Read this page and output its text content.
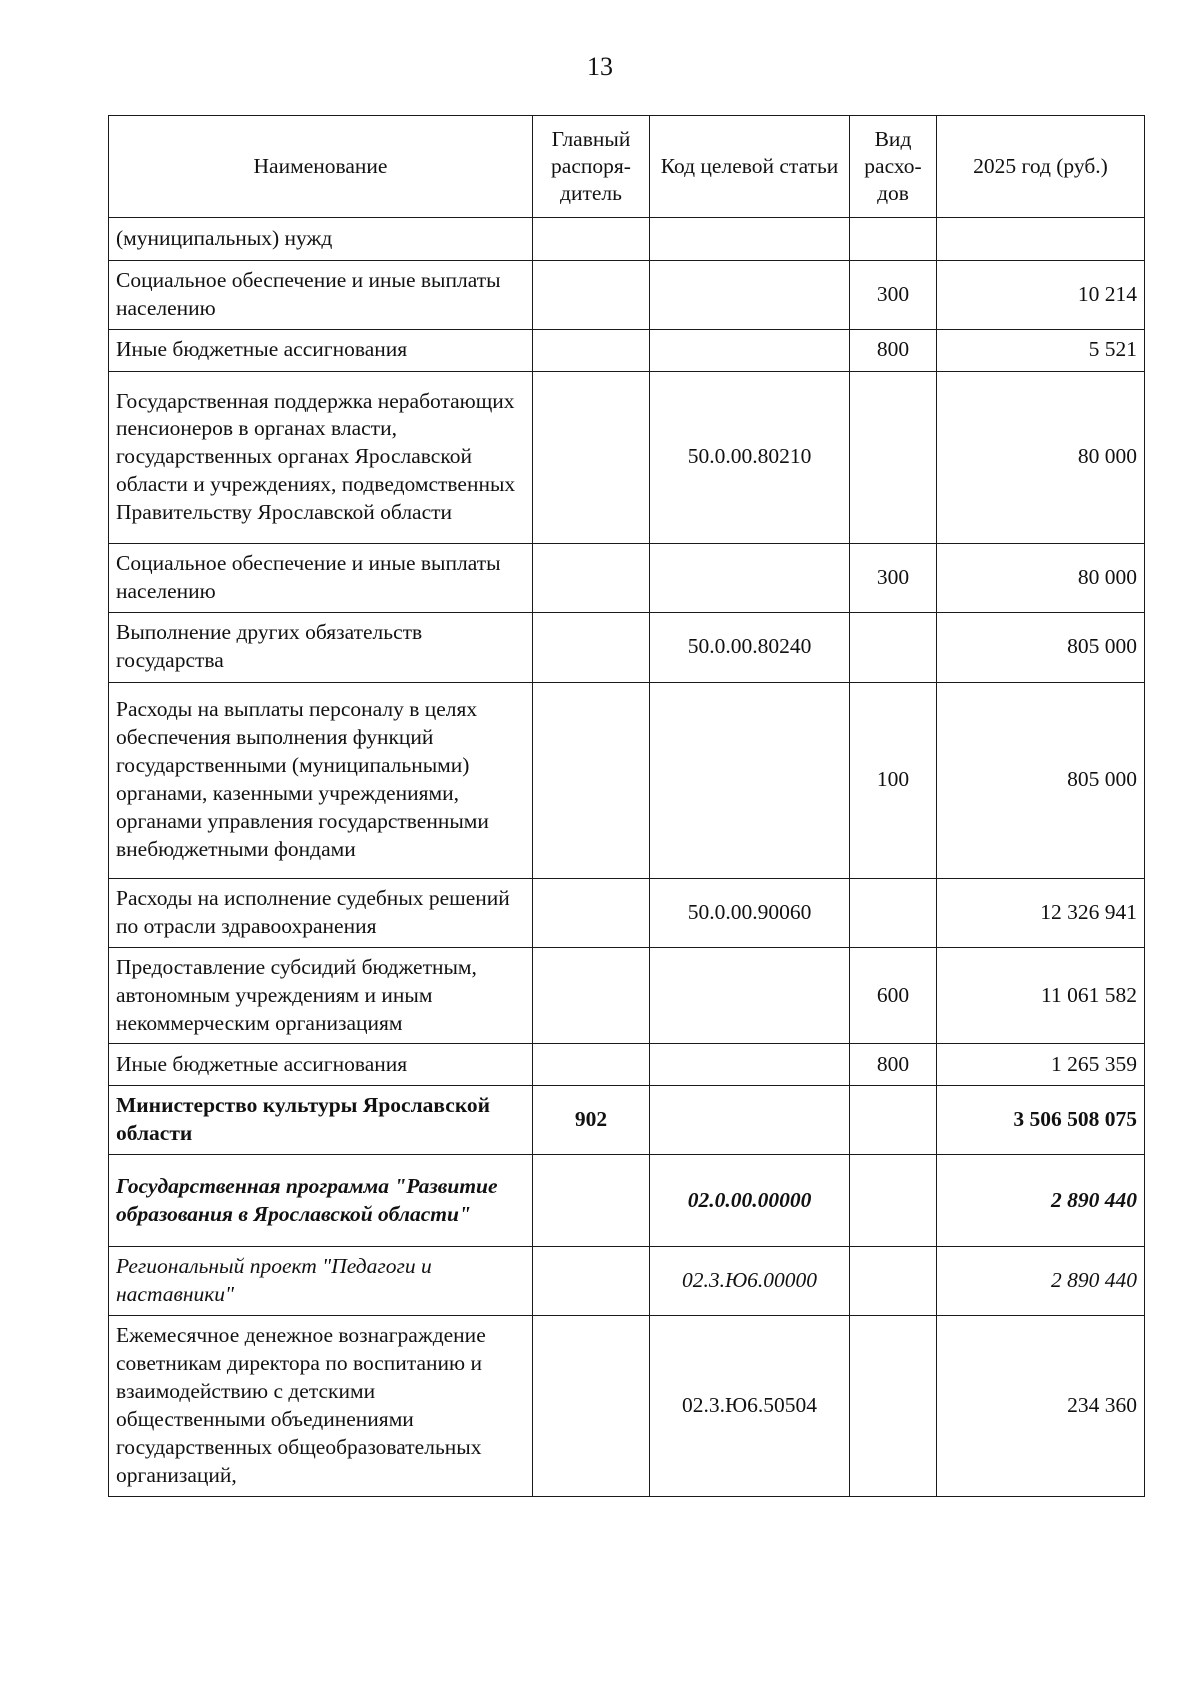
13
Наименование	Главный распоря-дитель	Код целевой статьи	Вид расхо-дов	2025 год (руб.)
(муниципальных) нужд				
Социальное обеспечение и иные выплаты населению			300	10 214
Иные бюджетные ассигнования			800	5 521
Государственная поддержка неработающих пенсионеров в органах власти, государственных органах Ярославской области и учреждениях, подведомственных Правительству Ярославской области		50.0.00.80210		80 000
Социальное обеспечение и иные выплаты населению			300	80 000
Выполнение других обязательств государства		50.0.00.80240		805 000
Расходы на выплаты персоналу в целях обеспечения выполнения функций государственными (муниципальными) органами, казенными учреждениями, органами управления государственными внебюджетными фондами			100	805 000
Расходы на исполнение судебных решений по отрасли здравоохранения		50.0.00.90060		12 326 941
Предоставление субсидий бюджетным, автономным учреждениям и иным некоммерческим организациям			600	11 061 582
Иные бюджетные ассигнования			800	1 265 359
Министерство культуры Ярославской области	902			3 506 508 075
Государственная программа "Развитие образования в Ярославской области"		02.0.00.00000		2 890 440
Региональный проект "Педагоги и наставники"		02.3.Ю6.00000		2 890 440
Ежемесячное денежное вознаграждение советникам директора по воспитанию и взаимодействию с детскими общественными объединениями государственных общеобразовательных организаций,		02.3.Ю6.50504		234 360
